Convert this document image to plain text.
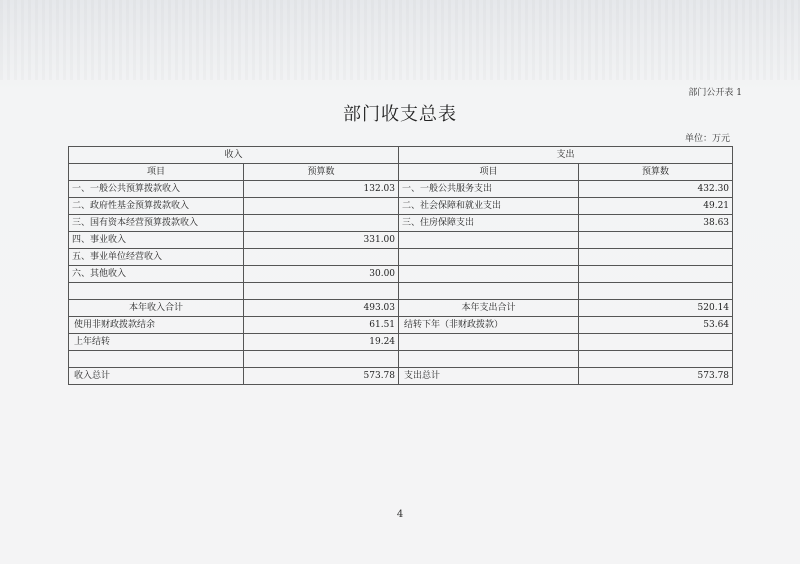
部门公开表 1
部门收支总表
单位：万元
收入		支出	
项目	预算数	项目	预算数
一、一般公共预算拨款收入	132.03	一、一般公共服务支出	432.30
二、政府性基金预算拨款收入		二、社会保障和就业支出	49.21
三、国有资本经营预算拨款收入		三、住房保障支出	38.63
四、事业收入	331.00		
五、事业单位经营收入			
六、其他收入	30.00		

本年收入合计	493.03	本年支出合计	520.14
使用非财政拨款结余	61.51	结转下年（非财政拨款）	53.64
上年结转	19.24		

收入总计	573.78	支出总计	573.78
4
